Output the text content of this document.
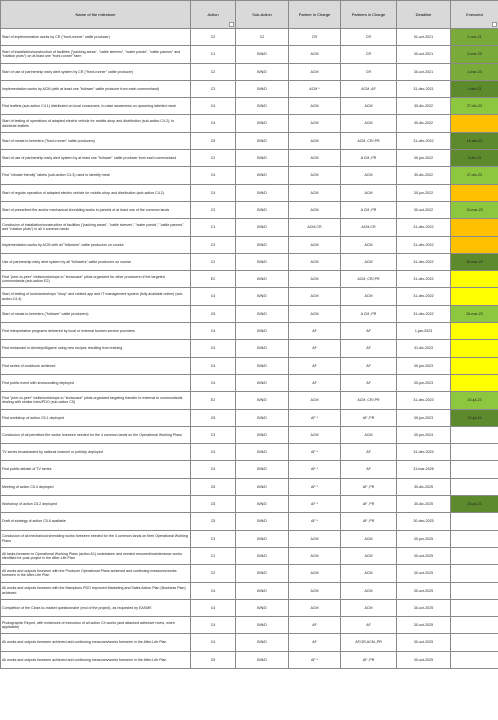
Name of the milestone	Action	Sub-Action	Partner in Charge	Partners in Charge	Deadline	Executed

Start of implementation works by CR ("front-runner" cattle producer)	C2	C2	CR	CR	01-oct-2021	2-nov-21
Start of installation/construction of facilities ("packing areas", "cattle sleeves", "water ponds", "cattle pannes" and "rotation plots") on at least one "front-runner" farm	C1	B/N/D	ACM	CR	30-oct-2021	2-mar-23
Start of use of partnership early alert system by CR ("front-runner" cattle producer)	C2	B/N/D	ACM	CR	30-oct-2021	1-mar-23
Implementation works by ACM (with at least one "follower" cattle producer from each commonland)	C3	B/N/D	ACM *	ACM ,AF	31-dec-2021	4-abr-23
First leaflets (sub-action C4.1) distributed on local consumers, to raise awareness on upcoming labelled meat	C4	B/N/D	ACM	ACM	30-dic-2022	27-dic-23
Start of testing of operations of adapted electric vehicle for mobile-shop and distribution (sub-action C4.2), to distribute leaflets	C4	B/N/D	ACM	ACM	30-dic-2022	
Start of meats to breeders ("front-runner" cattle producers)	C5	B/N/D	ACM	ACM ,CR/,PR	31-dec-2022	16-abr-23
Start of use of partnership early alert system by at least one "follower" cattle producer from each commonland	C2	B/N/D	ACM	A CM ,PR	30-jun-2022	9-dic-23
First "climate friendly" labels (sub-action C4.3) used to identify meat	C4	B/N/D	ACM	ACM	30-dic-2022	27-dic-23
Start of regular operation of adapted electric vehicle for mobile-shop and distribution (sub-action C4.2)	C4	B/N/D	ACM	ACM	30-jun-2022	
Start of prescribed fire and/or mechanical shredding works in parcels of at least one of the common lands	C3	B/N/D	ACM	A CM ,PR	30-oct-2022	10-mar-23
Conclusion of installation/construction of facilities ("packing areas", "cattle sleeves", "water ponds", "cattle pannes" and "rotation plots") in all 4 common lands	C1	B/N/D	ACM,CR	ACM,CR	31-dec-2022	
Implementation works by ACM with all "followers" cattle producers on course	C3	B/N/D	ACM	ACM	31-dec-2022	
Use of partnership early alert system by all "followers" cattle producers on course	C2	B/N/D	ACM	ACM	31-dec-2022	30-mar-22
First "peer-to-peer" visits/workshops to "showcase" pilots organized for other producers of the targeted commonlands (sub-action E2)	E2	B/N/D	ACM	ACM ,CR/,PR	31-dec-2022	
Start of testing of tools/workshops "shop" and related app and IT management system (fully available online) (sub-action C4.4)	C4	B/N/D	ACM	ACM	31-dec-2022	
Start of meats to breeders ("follower" cattle producers)	C5	B/N/D	ACM	A CM ,PR	31-dec-2022	26-mar-23
First interpretation programs delivered by local or external tourism service providers	C4	B/N/D	AF	AF	1-jan-2023	
First restaurant in Alentejo/Algarve using new recipes resulting from training	C4	B/N/D	AF	AF	31-dic-2023	
First series of cookbook achieved	C4	B/N/D	AF	AF	30-jun-2023	
First public event with showcooking deployed	C4	B/N/D	AF	AF	30-jun-2023	
First "peer-to-peer" visits/workshops to "showcase" pilots organized targeting transfer to external to commonlands dealing with similar risks/PDO (sub-action C5)	E2	B/N/D	ACM	ACM ,CR/,PR	31-dec-2023	20-jul-23
First workshop of action C5.1 deployed	C5	B/N/D	AF *	AF ,PR	30-jun-2023	20-jul-23
Conclusion of all permitted fire works foreseen needed for the 4 common lands on the Operational Working Plans	C3	B/N/D	ACM	ACM	30-jun-2024	
TV series broadcasted by national channel or publicly deployed	C4	B/N/D	AF *	AF	31-dec-2024	
First public debate of TV series	C4	B/N/D	AF *	AF	31-mar-2025	
Meeting of action C5.4 deployed	C5	B/N/D	AF *	AF ,PR	30-dic-2025	
Workshop of action C5.2 deployed	C5	B/N/D	AF *	AF ,PR	30-dic-2025	20-jul-23
Draft of strategy of action C5.6 available	C5	B/N/D	AF *	AF ,PR	30-dec-2025	
Conclusion of all mechanical shredding works foreseen needed for the 4 common lands on their Operational Working Plans	C3	B/N/D	ACM	ACM	30-jun-2025	
All tasks foreseen in Operational Working Plans (action A1) undertaken and needed resumed/maintenance works identified for post-project in the After-Life Plan	C1	B/N/D	ACM	ACM	30-oct-2025	
All works and outputs foreseen with the Producer Operational Plans achieved and continuing measures/works foreseen in the After-Life Plan	C2	B/N/D	ACM	ACM	30-oct-2025	
All works and outputs foreseen with the Mampions PDO improved Marketing and Sales Action Plan (Business Plan) achieved	C4	B/N/D	ACM	ACM	30-oct-2025	
Completion of the Close-to-market questionnaire (end of the project), as requested by EASME	C4	B/N/D	ACM	ACM	30-oct-2025	
Photographic Report, with evidences of execution of all action C4 works (and attached adhesive rivers, when applicable)	C4	B/N/D	AF	AF	30-oct-2025	
All works and outputs foreseen achieved and continuing measures/works foreseen in the After-Life Plan	C4	B/N/D	AF	AF,GR,ACM,,PR	30-oct-2025	
All works and outputs foreseen achieved and continuing measures/works foreseen in the After-Life Plan	C5	B/N/D	AF *	AF ,PR	30-oct-2025	
